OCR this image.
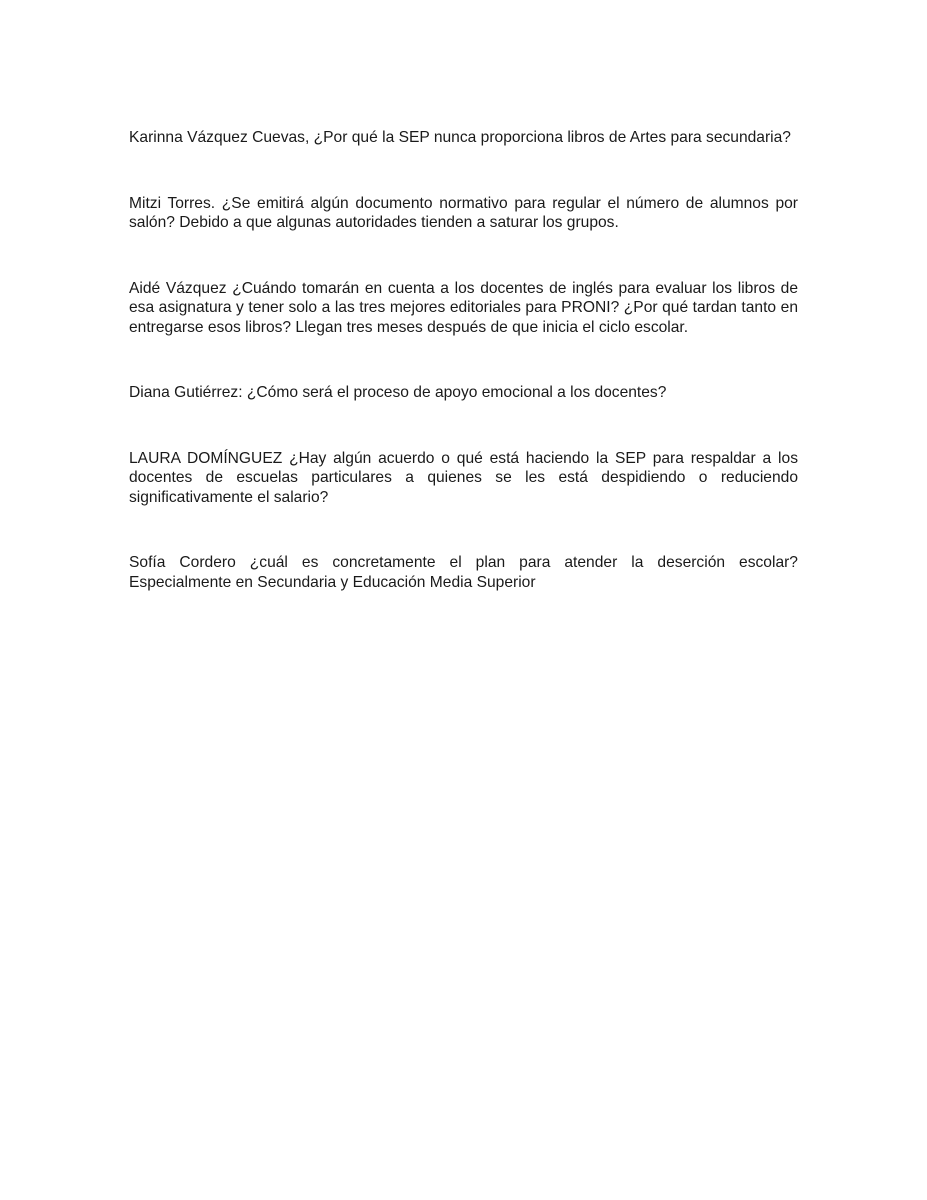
Karinna Vázquez Cuevas, ¿Por qué la SEP nunca proporciona libros de Artes para secundaria?

Mitzi Torres. ¿Se emitirá algún documento normativo para regular el número de alumnos por salón? Debido a que algunas autoridades tienden a saturar los grupos.

Aidé Vázquez ¿Cuándo tomarán en cuenta a los docentes de inglés para evaluar los libros de esa asignatura y tener solo a las tres mejores editoriales para PRONI? ¿Por qué tardan tanto en entregarse esos libros? Llegan tres meses después de que inicia el ciclo escolar.

Diana Gutiérrez: ¿Cómo será el proceso de apoyo emocional a los docentes?

LAURA DOMÍNGUEZ ¿Hay algún acuerdo o qué está haciendo la SEP para respaldar a los docentes de escuelas particulares a quienes se les está despidiendo o reduciendo significativamente el salario?

Sofía Cordero ¿cuál es concretamente el plan para atender la deserción escolar? Especialmente en Secundaria y Educación Media Superior
